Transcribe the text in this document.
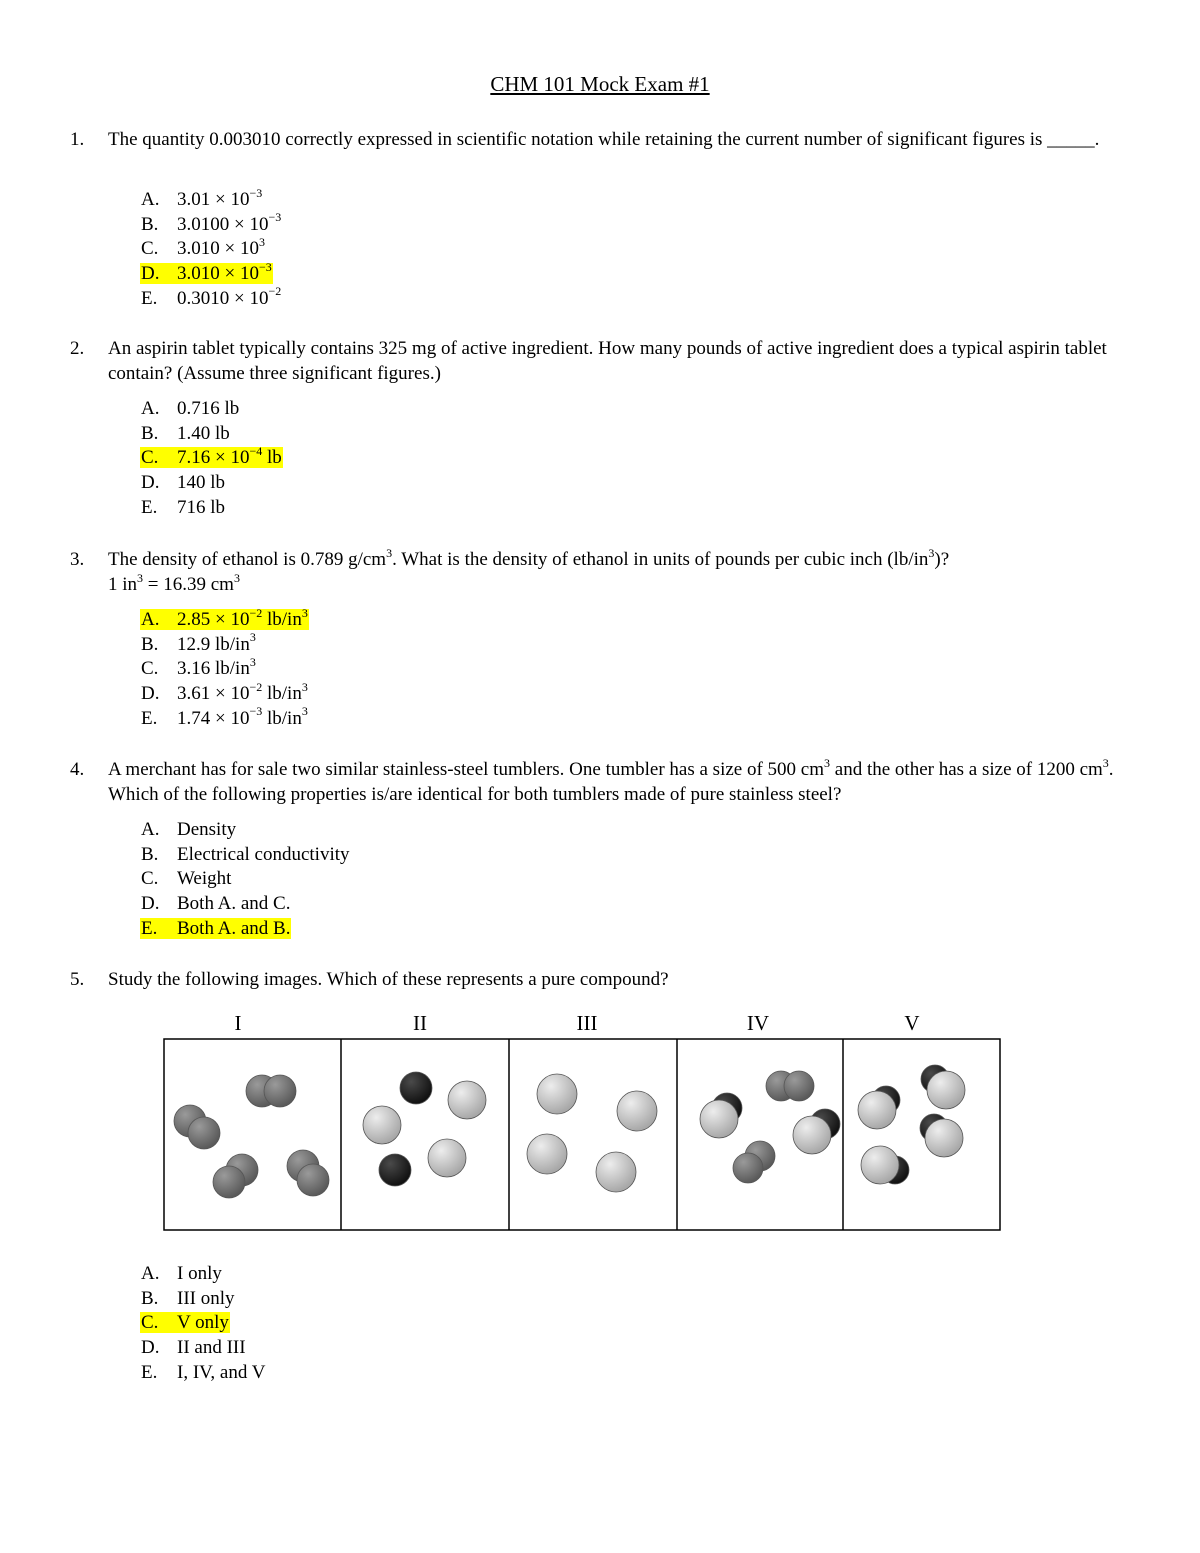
CHM 101 Mock Exam #1
1. The quantity 0.003010 correctly expressed in scientific notation while retaining the current number of significant figures is _____.
A. $3.01 \times 10^{-3}$
B. $3.0100 \times 10^{-3}$
C. $3.010 \times 10^3$
D. $3.010 \times 10^{-3}$
E. $0.3010 \times 10^{-2}$
2. An aspirin tablet typically contains 325 mg of active ingredient. How many pounds of active ingredient does a typical aspirin tablet contain? (Assume three significant figures.)
A. 0.716 lb
B. 1.40 lb
C. $7.16 \times 10^{-4}$ lb
D. 140 lb
E. 716 lb
3. The density of ethanol is 0.789 $g/cm^3$. What is the density of ethanol in units of pounds per cubic inch $(lb/in^3)$?
1 $in^3 = 16.39$ $cm^3$
A. $2.85 \times 10^{-2}$ $lb/in^3$
B. 12.9 $lb/in^3$
C. 3.16 $lb/in^3$
D. $3.61 \times 10^{-2}$ $lb/in^3$
E. $1.74 \times 10^{-3}$ $lb/in^3$
4. A merchant has for sale two similar stainless-steel tumblers. One tumbler has a size of 500 $cm^3$ and the other has a size of 1200 $cm^3$. Which of the following properties is/are identical for both tumblers made of pure stainless steel?
A. Density
B. Electrical conductivity
C. Weight
D. Both A. and C.
E. Both A. and B.
5. Study the following images. Which of these represents a pure compound?
I	II	III	IV	V
A. I only
B. III only
C. V only
D. II and III
E. I, IV, and V
